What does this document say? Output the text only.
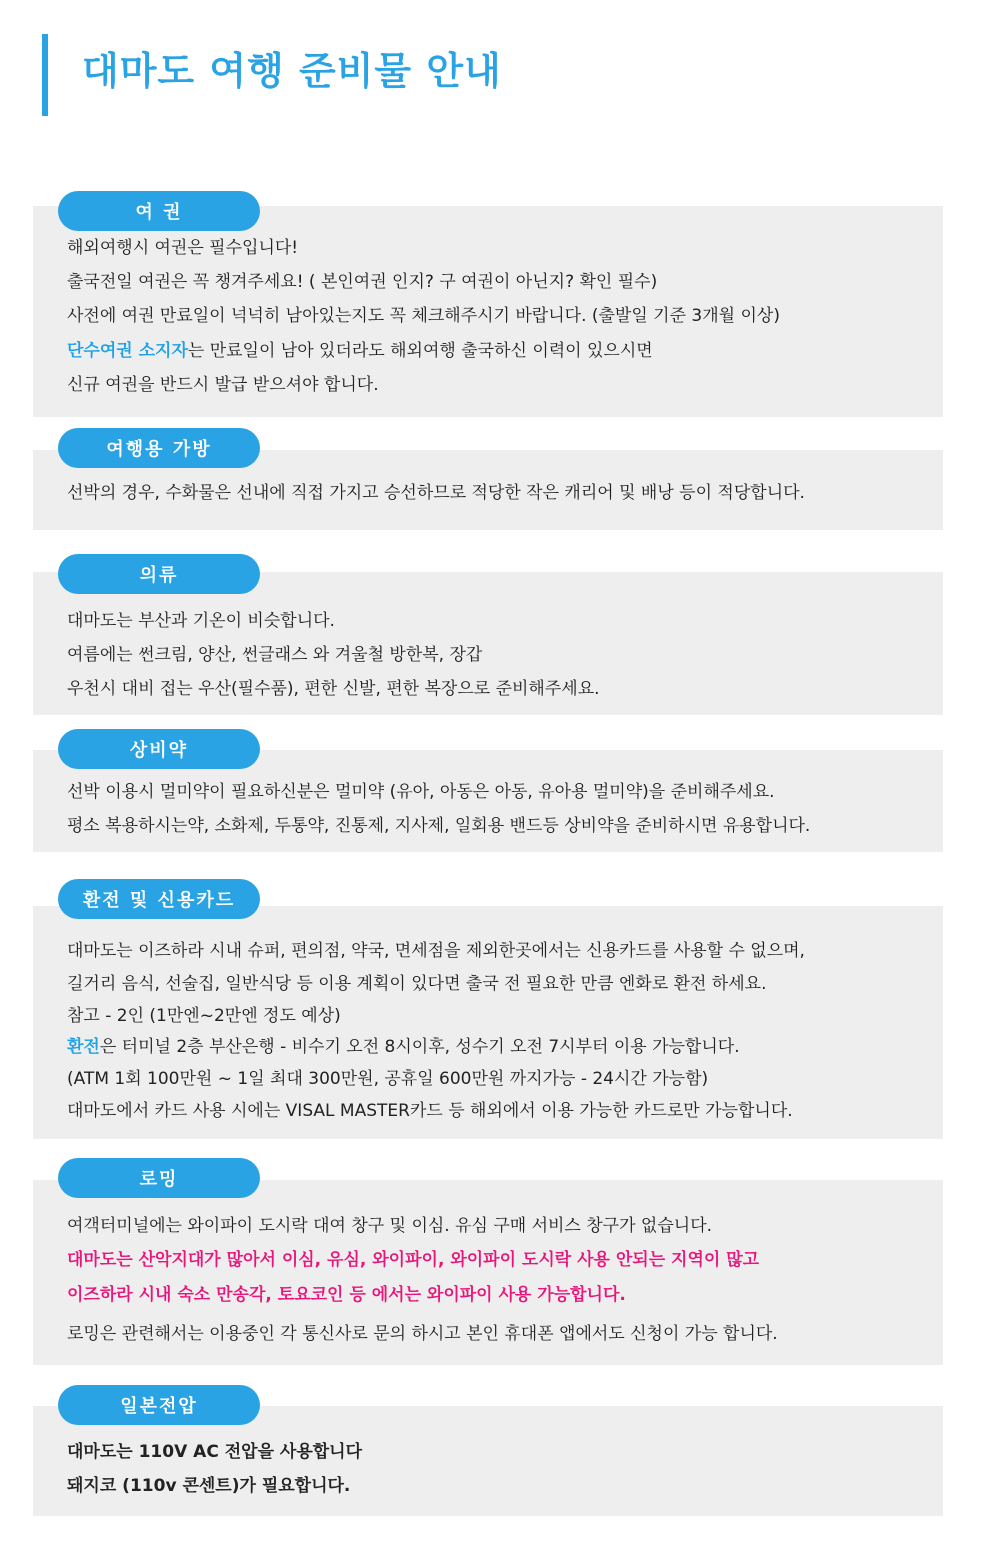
대마도 여행 준비물 안내
여 권
해외여행시 여권은 필수입니다!
출국전일 여권은 꼭 챙겨주세요! ( 본인여권 인지? 구 여권이 아닌지? 확인 필수)
사전에 여권 만료일이 넉넉히 남아있는지도 꼭 체크해주시기 바랍니다. (출발일 기준 3개월 이상)
단수여권 소지자는 만료일이 남아 있더라도 해외여행 출국하신 이력이 있으시면
신규 여권을 반드시 발급 받으셔야 합니다.
여행용 가방
선박의 경우, 수화물은 선내에 직접 가지고 승선하므로 적당한 작은 캐리어 및 배낭 등이 적당합니다.
의류
대마도는 부산과 기온이 비슷합니다.
여름에는 썬크림, 양산, 썬글래스 와 겨울철 방한복, 장갑
우천시 대비 접는 우산(필수품), 편한 신발, 편한 복장으로 준비해주세요.
상비약
선박 이용시 멀미약이 필요하신분은 멀미약 (유아, 아동은 아동, 유아용 멀미약)을 준비해주세요.
평소 복용하시는약, 소화제, 두통약, 진통제, 지사제, 일회용 밴드등 상비약을 준비하시면 유용합니다.
환전 및 신용카드
대마도는 이즈하라 시내 슈퍼, 편의점, 약국, 면세점을 제외한곳에서는 신용카드를 사용할 수 없으며,
길거리 음식, 선술집, 일반식당 등 이용 계획이 있다면 출국 전 필요한 만큼 엔화로 환전 하세요.
참고 - 2인 (1만엔~2만엔 정도 예상)
환전은 터미널 2층 부산은행 - 비수기 오전 8시이후, 성수기 오전 7시부터 이용 가능합니다.
(ATM 1회 100만원 ~ 1일 최대 300만원, 공휴일 600만원 까지가능 - 24시간 가능함)
대마도에서 카드 사용 시에는 VISAL MASTER카드 등 해외에서 이용 가능한 카드로만 가능합니다.
로밍
여객터미널에는 와이파이 도시락 대여 창구 및 이심. 유심 구매 서비스 창구가 없습니다.
대마도는 산악지대가 많아서 이심, 유심, 와이파이, 와이파이 도시락 사용 안되는 지역이 많고
이즈하라 시내 숙소 만송각, 토요코인 등 에서는 와이파이 사용 가능합니다.
로밍은 관련해서는 이용중인 각 통신사로 문의 하시고 본인 휴대폰 앱에서도 신청이 가능 합니다.
일본전압
대마도는 110V AC 전압을 사용합니다
돼지코 (110v 콘센트)가 필요합니다.
